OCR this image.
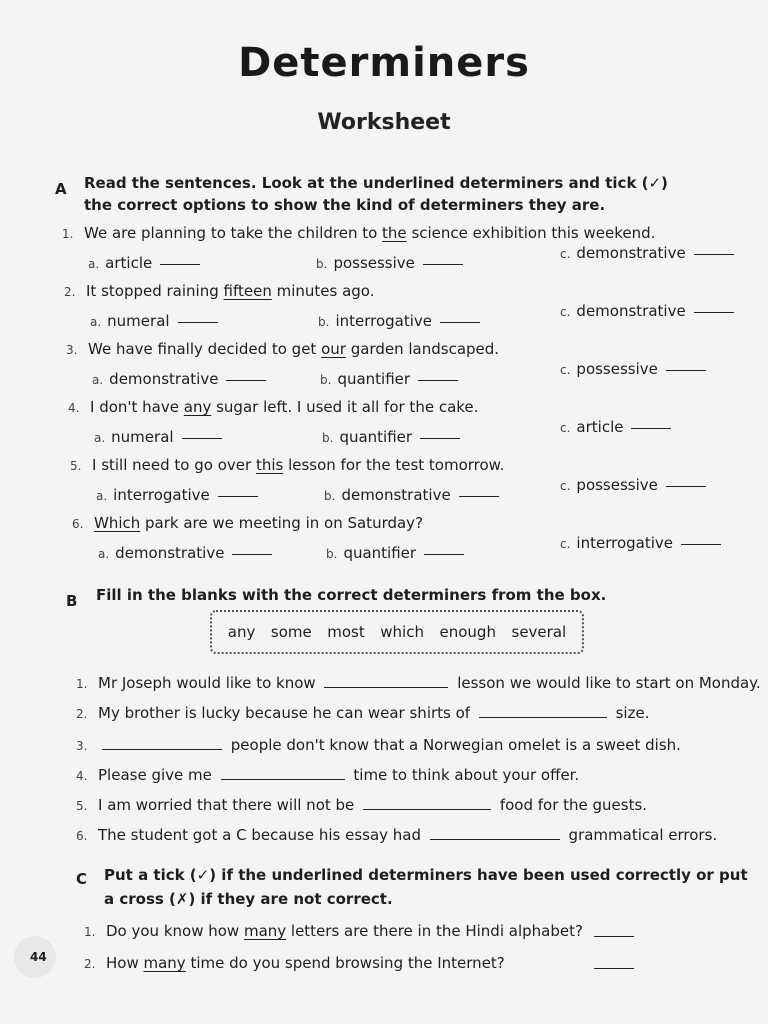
Determiners
Worksheet
A Read the sentences. Look at the underlined determiners and tick (✓) the correct options to show the kind of determiners they are.
1. We are planning to take the children to the science exhibition this weekend.
a. article	b. possessive	c. demonstrative
2. It stopped raining fifteen minutes ago.
a. numeral	b. interrogative	c. demonstrative
3. We have finally decided to get our garden landscaped.
a. demonstrative	b. quantifier	c. possessive
4. I don't have any sugar left. I used it all for the cake.
a. numeral	b. quantifier	c. article
5. I still need to go over this lesson for the test tomorrow.
a. interrogative	b. demonstrative	c. possessive
6. Which park are we meeting in on Saturday?
a. demonstrative	b. quantifier	c. interrogative
B Fill in the blanks with the correct determiners from the box.
any some most which enough several
1. Mr Joseph would like to know	lesson we would like to start on Monday.
2. My brother is lucky because he can wear shirts of	size.
3.	people don't know that a Norwegian omelet is a sweet dish.
4. Please give me	time to think about your offer.
5. I am worried that there will not be	food for the guests.
6. The student got a C because his essay had	grammatical errors.
C Put a tick (✓) if the underlined determiners have been used correctly or put
a cross (✗) if they are not correct.
1. Do you know how many letters are there in the Hindi alphabet?
2. How many time do you spend browsing the Internet?
44
